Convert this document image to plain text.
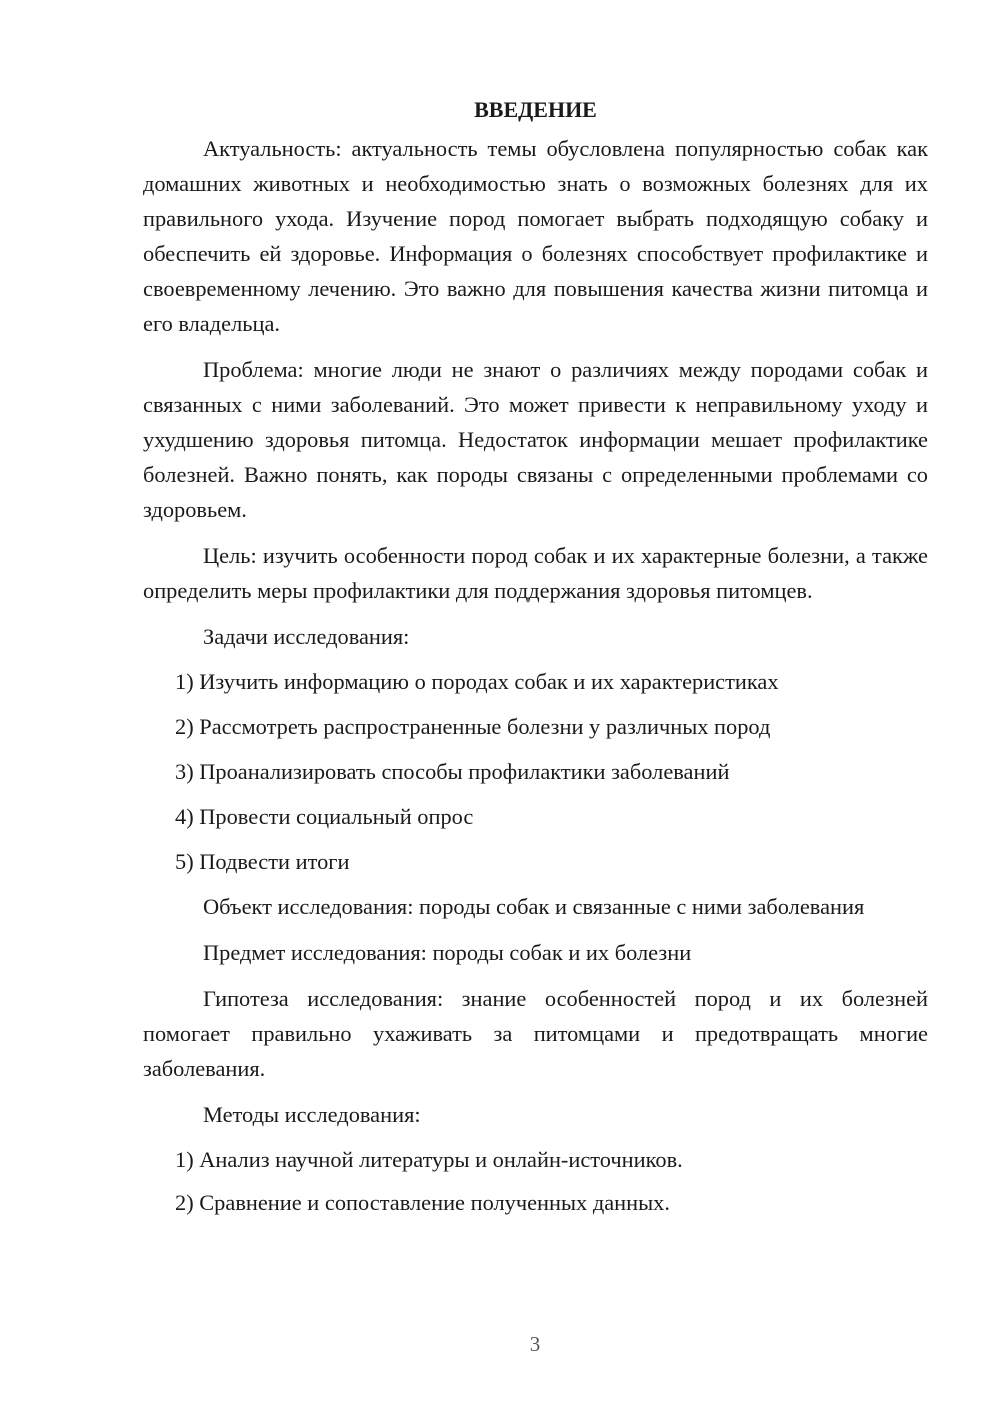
ВВЕДЕНИЕ

Актуальность: актуальность темы обусловлена популярностью собак как домашних животных и необходимостью знать о возможных болезнях для их правильного ухода. Изучение пород помогает выбрать подходящую собаку и обеспечить ей здоровье. Информация о болезнях способствует профилактике и своевременному лечению. Это важно для повышения качества жизни питомца и его владельца.

Проблема: многие люди не знают о различиях между породами собак и связанных с ними заболеваний. Это может привести к неправильному уходу и ухудшению здоровья питомца. Недостаток информации мешает профилактике болезней. Важно понять, как породы связаны с определенными проблемами со здоровьем.

Цель: изучить особенности пород собак и их характерные болезни, а также определить меры профилактики для поддержания здоровья питомцев.

Задачи исследования:

1) Изучить информацию о породах собак и их характеристиках
2) Рассмотреть распространенные болезни у различных пород
3) Проанализировать способы профилактики заболеваний
4) Провести социальный опрос
5) Подвести итоги

Объект исследования: породы собак и связанные с ними заболевания

Предмет исследования: породы собак и их болезни

Гипотеза исследования: знание особенностей пород и их болезней помогает правильно ухаживать за питомцами и предотвращать многие заболевания.

Методы исследования:

1) Анализ научной литературы и онлайн-источников.
2) Сравнение и сопоставление полученных данных.
3
